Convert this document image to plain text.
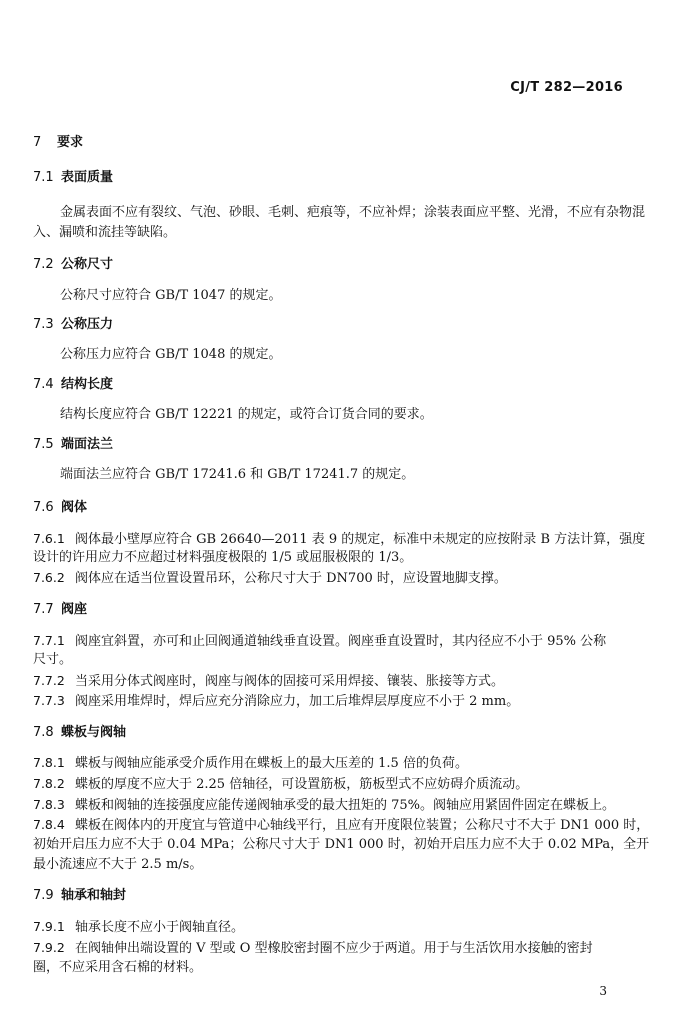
CJ/T 282—2016
7 要求
7.1 表面质量
金属表面不应有裂纹、气泡、砂眼、毛刺、疤痕等，不应补焊；涂装表面应平整、光滑，不应有杂物混
入、漏喷和流挂等缺陷。
7.2 公称尺寸
公称尺寸应符合 GB/T 1047 的规定。
7.3 公称压力
公称压力应符合 GB/T 1048 的规定。
7.4 结构长度
结构长度应符合 GB/T 12221 的规定，或符合订货合同的要求。
7.5 端面法兰
端面法兰应符合 GB/T 17241.6 和 GB/T 17241.7 的规定。
7.6 阀体
7.6.1 阀体最小壁厚应符合 GB 26640—2011 表 9 的规定，标准中未规定的应按附录 B 方法计算，强度
设计的许用应力不应超过材料强度极限的 1/5 或屈服极限的 1/3。
7.6.2 阀体应在适当位置设置吊环，公称尺寸大于 DN700 时，应设置地脚支撑。
7.7 阀座
7.7.1 阀座宜斜置，亦可和止回阀通道轴线垂直设置。阀座垂直设置时，其内径应不小于 95% 公称
尺寸。
7.7.2 当采用分体式阀座时，阀座与阀体的固接可采用焊接、镶装、胀接等方式。
7.7.3 阀座采用堆焊时，焊后应充分消除应力，加工后堆焊层厚度应不小于 2 mm。
7.8 蝶板与阀轴
7.8.1 蝶板与阀轴应能承受介质作用在蝶板上的最大压差的 1.5 倍的负荷。
7.8.2 蝶板的厚度不应大于 2.25 倍轴径，可设置筋板，筋板型式不应妨碍介质流动。
7.8.3 蝶板和阀轴的连接强度应能传递阀轴承受的最大扭矩的 75%。阀轴应用紧固件固定在蝶板上。
7.8.4 蝶板在阀体内的开度宜与管道中心轴线平行，且应有开度限位装置；公称尺寸不大于 DN1 000 时，
初始开启压力应不大于 0.04 MPa；公称尺寸大于 DN1 000 时，初始开启压力应不大于 0.02 MPa，全开
最小流速应不大于 2.5 m/s。
7.9 轴承和轴封
7.9.1 轴承长度不应小于阀轴直径。
7.9.2 在阀轴伸出端设置的 V 型或 O 型橡胶密封圈不应少于两道。用于与生活饮用水接触的密封
圈，不应采用含石棉的材料。
3
